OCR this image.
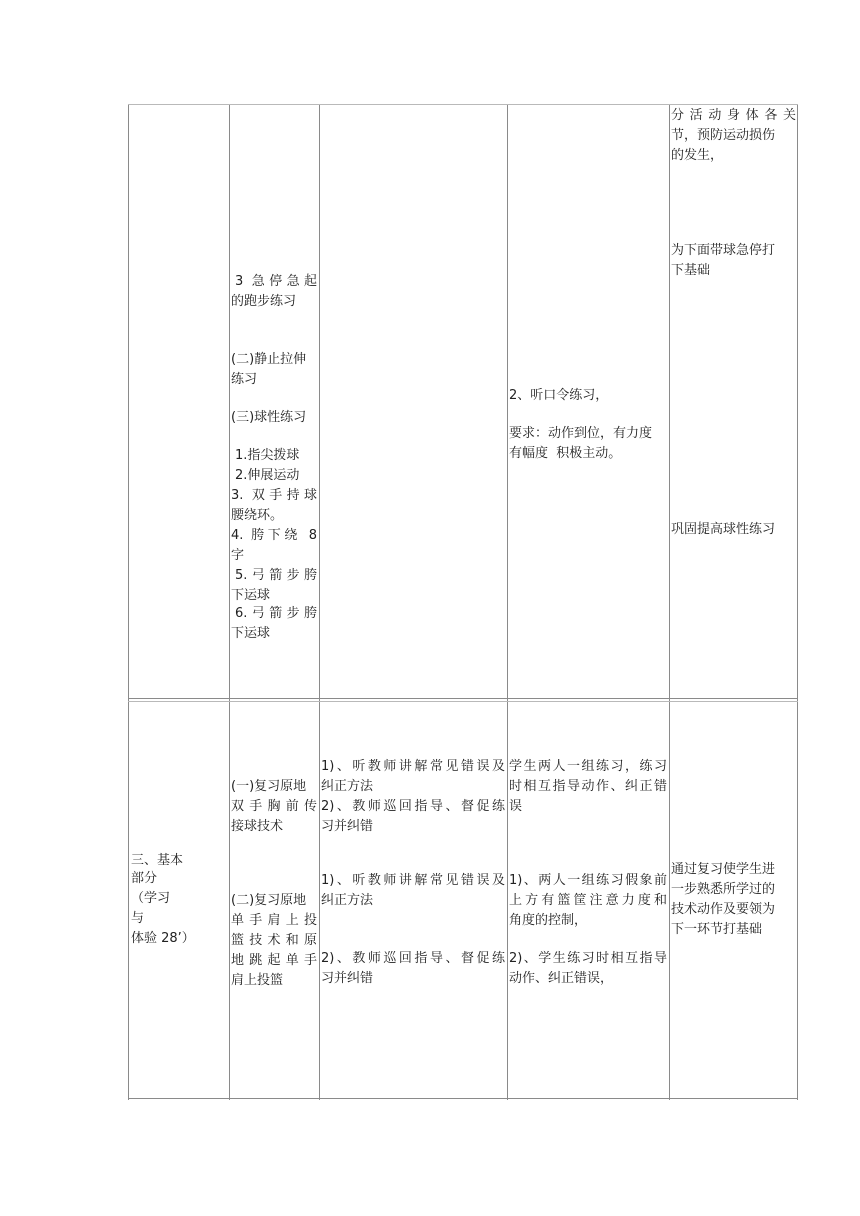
3 急停急起
的跑步练习
(二)静止拉伸
练习
(三)球性练习
1.指尖拨球
2.伸展运动
3. 双手持球
腰绕环。
4. 胯下绕 8
字
5.弓箭步胯
下运球
6.弓箭步胯
下运球
2、听口令练习，
要求：动作到位，有力度
有幅度  积极主动。
分活动身体各关
节，预防运动损伤
的发生，
为下面带球急停打
下基础
巩固提高球性练习
三、基本
部分
（学习
与
体验 28’）
(一)复习原地
双手胸前传
接球技术
(二)复习原地
单手肩上投
篮技术和原
地跳起单手
肩上投篮
1)、听教师讲解常见错误及
纠正方法
2)、教师巡回指导、督促练
习并纠错
1)、听教师讲解常见错误及
纠正方法
2)、教师巡回指导、督促练
习并纠错
学生两人一组练习，练习
时相互指导动作、纠正错
误
1)、两人一组练习假象前
上方有篮筐注意力度和
角度的控制，
2)、学生练习时相互指导
动作、纠正错误，
通过复习使学生进
一步熟悉所学过的
技术动作及要领为
下一环节打基础
